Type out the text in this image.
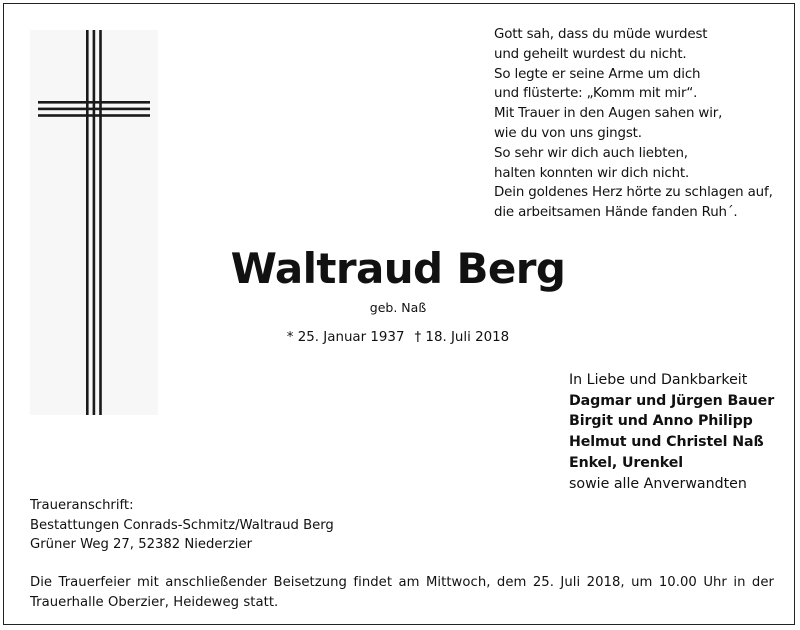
Gott sah, dass du müde wurdest
und geheilt wurdest du nicht.
So legte er seine Arme um dich
und flüsterte: „Komm mit mir“.
Mit Trauer in den Augen sahen wir,
wie du von uns gingst.
So sehr wir dich auch liebten,
halten konnten wir dich nicht.
Dein goldenes Herz hörte zu schlagen auf,
die arbeitsamen Hände fanden Ruh´.
Waltraud Berg
geb. Naß
* 25. Januar 1937 † 18. Juli 2018
In Liebe und Dankbarkeit
Dagmar und Jürgen Bauer
Birgit und Anno Philipp
Helmut und Christel Naß
Enkel, Urenkel
sowie alle Anverwandten
Traueranschrift:
Bestattungen Conrads-Schmitz/Waltraud Berg
Grüner Weg 27, 52382 Niederzier
Die Trauerfeier mit anschließender Beisetzung findet am Mittwoch, dem 25. Juli 2018, um 10.00 Uhr in der Trauerhalle Oberzier, Heideweg statt.
